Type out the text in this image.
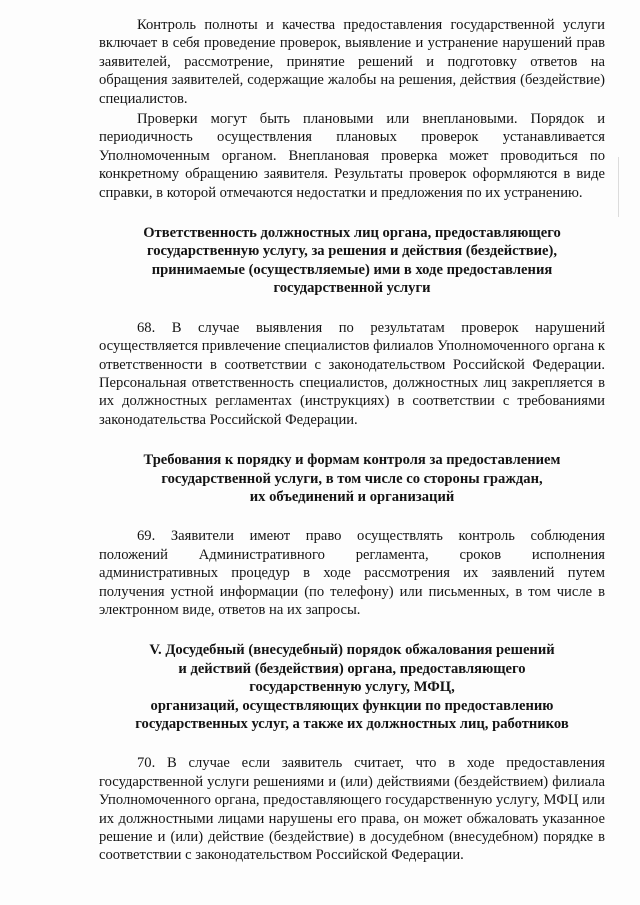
Контроль полноты и качества предоставления государственной услуги включает в себя проведение проверок, выявление и устранение нарушений прав заявителей, рассмотрение, принятие решений и подготовку ответов на обращения заявителей, содержащие жалобы на решения, действия (бездействие) специалистов.

Проверки могут быть плановыми или внеплановыми. Порядок и периодичность осуществления плановых проверок устанавливается Уполномоченным органом. Внеплановая проверка может проводиться по конкретному обращению заявителя. Результаты проверок оформляются в виде справки, в которой отмечаются недостатки и предложения по их устранению.

Ответственность должностных лиц органа, предоставляющего
государственную услугу, за решения и действия (бездействие),
принимаемые (осуществляемые) ими в ходе предоставления
государственной услуги

68. В случае выявления по результатам проверок нарушений осуществляется привлечение специалистов филиалов Уполномоченного органа к ответственности в соответствии с законодательством Российской Федерации. Персональная ответственность специалистов, должностных лиц закрепляется в их должностных регламентах (инструкциях) в соответствии с требованиями законодательства Российской Федерации.

Требования к порядку и формам контроля за предоставлением
государственной услуги, в том числе со стороны граждан,
их объединений и организаций

69. Заявители имеют право осуществлять контроль соблюдения положений Административного регламента, сроков исполнения административных процедур в ходе рассмотрения их заявлений путем получения устной информации (по телефону) или письменных, в том числе в электронном виде, ответов на их запросы.

V. Досудебный (внесудебный) порядок обжалования решений
и действий (бездействия) органа, предоставляющего
государственную услугу, МФЦ,
организаций, осуществляющих функции по предоставлению
государственных услуг, а также их должностных лиц, работников

70. В случае если заявитель считает, что в ходе предоставления государственной услуги решениями и (или) действиями (бездействием) филиала Уполномоченного органа, предоставляющего государственную услугу, МФЦ или их должностными лицами нарушены его права, он может обжаловать указанное решение и (или) действие (бездействие) в досудебном (внесудебном) порядке в соответствии с законодательством Российской Федерации.
